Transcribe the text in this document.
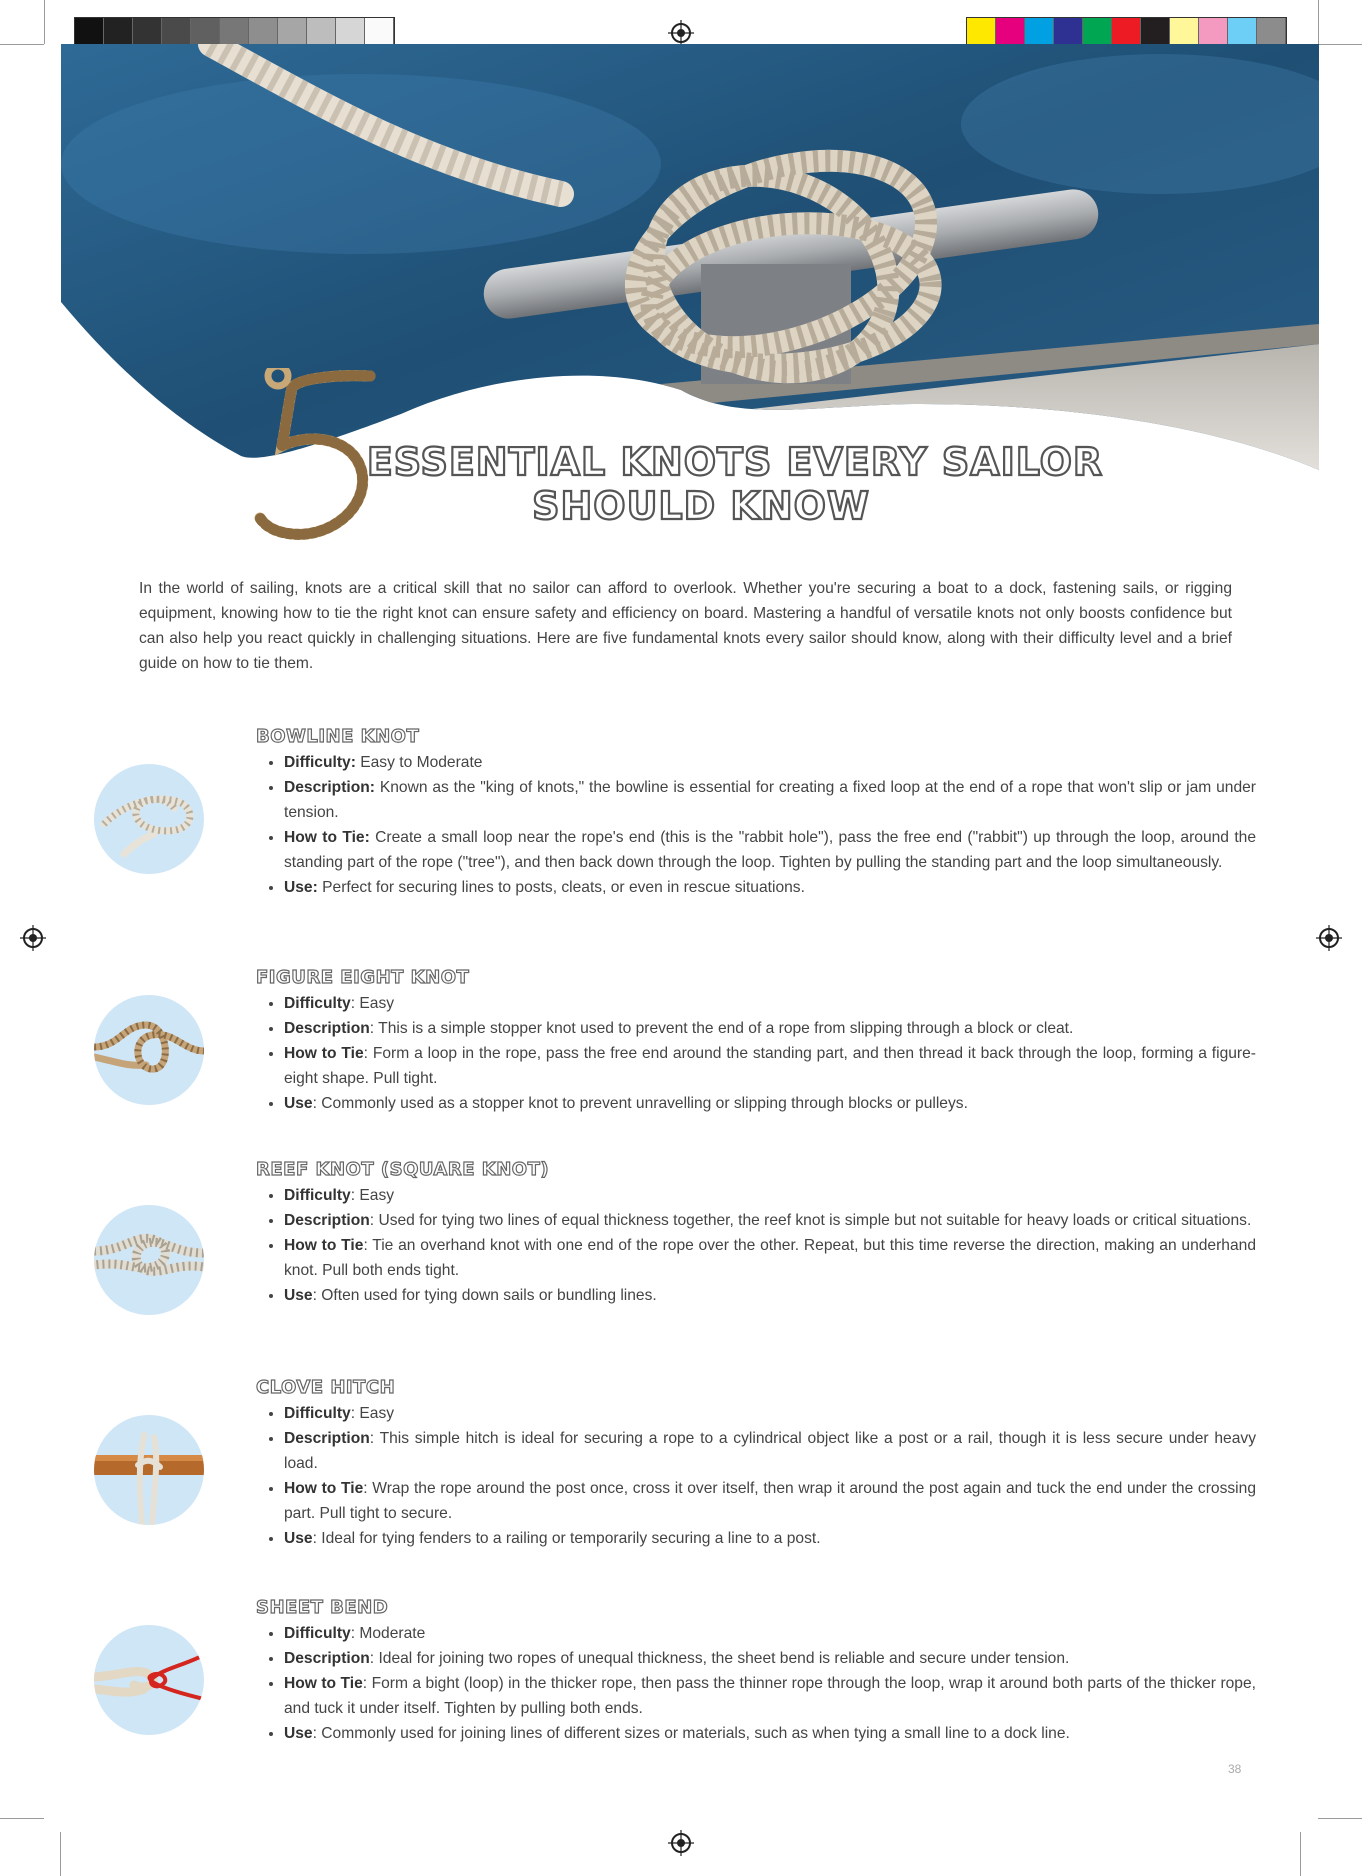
ESSENTIAL KNOTS EVERY SAILOR
SHOULD KNOW
In the world of sailing, knots are a critical skill that no sailor can afford to overlook. Whether you're securing a boat to a dock, fastening sails, or rigging equipment, knowing how to tie the right knot can ensure safety and efficiency on board. Mastering a handful of versatile knots not only boosts confidence but can also help you react quickly in challenging situations. Here are five fundamental knots every sailor should know, along with their difficulty level and a brief guide on how to tie them.
BOWLINE KNOT
• Difficulty: Easy to Moderate
• Description: Known as the "king of knots," the bowline is essential for creating a fixed loop at the end of a rope that won't slip or jam under tension.
• How to Tie: Create a small loop near the rope's end (this is the "rabbit hole"), pass the free end ("rabbit") up through the loop, around the standing part of the rope ("tree"), and then back down through the loop. Tighten by pulling the standing part and the loop simultaneously.
• Use: Perfect for securing lines to posts, cleats, or even in rescue situations.
FIGURE EIGHT KNOT
• Difficulty: Easy
• Description: This is a simple stopper knot used to prevent the end of a rope from slipping through a block or cleat.
• How to Tie: Form a loop in the rope, pass the free end around the standing part, and then thread it back through the loop, forming a figure-eight shape. Pull tight.
• Use: Commonly used as a stopper knot to prevent unravelling or slipping through blocks or pulleys.
REEF KNOT (SQUARE KNOT)
• Difficulty: Easy
• Description: Used for tying two lines of equal thickness together, the reef knot is simple but not suitable for heavy loads or critical situations.
• How to Tie: Tie an overhand knot with one end of the rope over the other. Repeat, but this time reverse the direction, making an underhand knot. Pull both ends tight.
• Use: Often used for tying down sails or bundling lines.
CLOVE HITCH
• Difficulty: Easy
• Description: This simple hitch is ideal for securing a rope to a cylindrical object like a post or a rail, though it is less secure under heavy load.
• How to Tie: Wrap the rope around the post once, cross it over itself, then wrap it around the post again and tuck the end under the crossing part. Pull tight to secure.
• Use: Ideal for tying fenders to a railing or temporarily securing a line to a post.
SHEET BEND
• Difficulty: Moderate
• Description: Ideal for joining two ropes of unequal thickness, the sheet bend is reliable and secure under tension.
• How to Tie: Form a bight (loop) in the thicker rope, then pass the thinner rope through the loop, wrap it around both parts of the thicker rope, and tuck it under itself. Tighten by pulling both ends.
• Use: Commonly used for joining lines of different sizes or materials, such as when tying a small line to a dock line.
38
